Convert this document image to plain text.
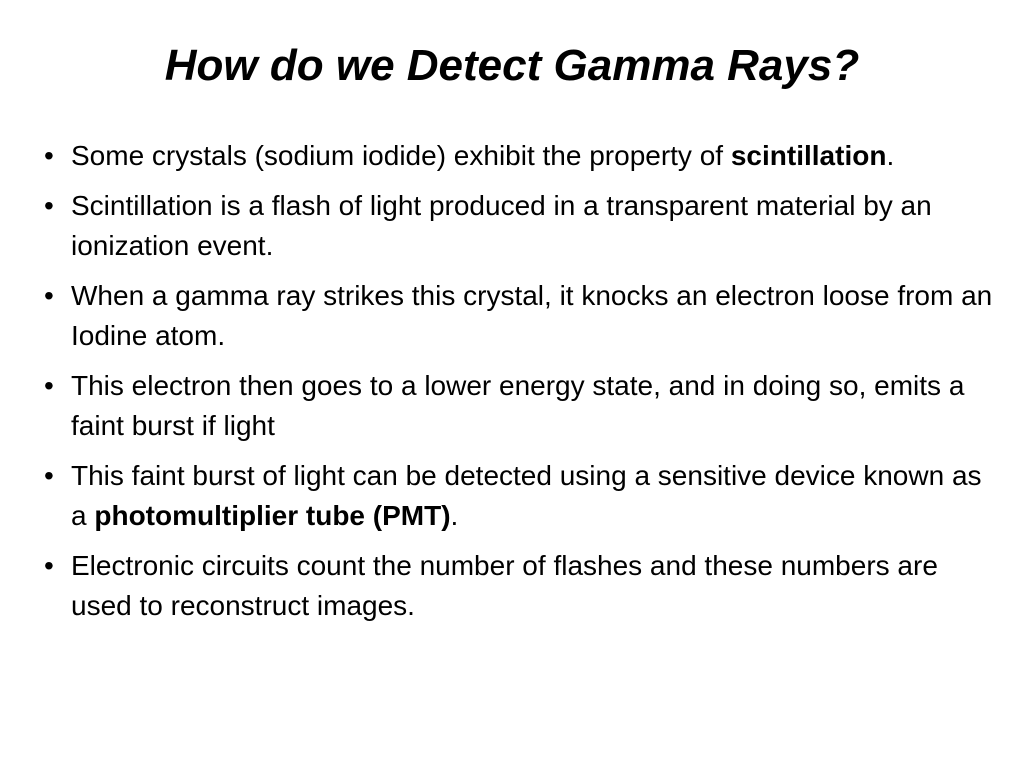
How do we Detect Gamma Rays?
• Some crystals (sodium iodide) exhibit the property of scintillation.
• Scintillation is a flash of light produced in a transparent material by an ionization event.
• When a gamma ray strikes this crystal, it knocks an electron loose from an Iodine atom.
• This electron then goes to a lower energy state, and in doing so, emits a faint burst if light
• This faint burst of light can be detected using a sensitive device known as a photomultiplier tube (PMT).
• Electronic circuits count the number of flashes and these numbers are used to reconstruct images.
